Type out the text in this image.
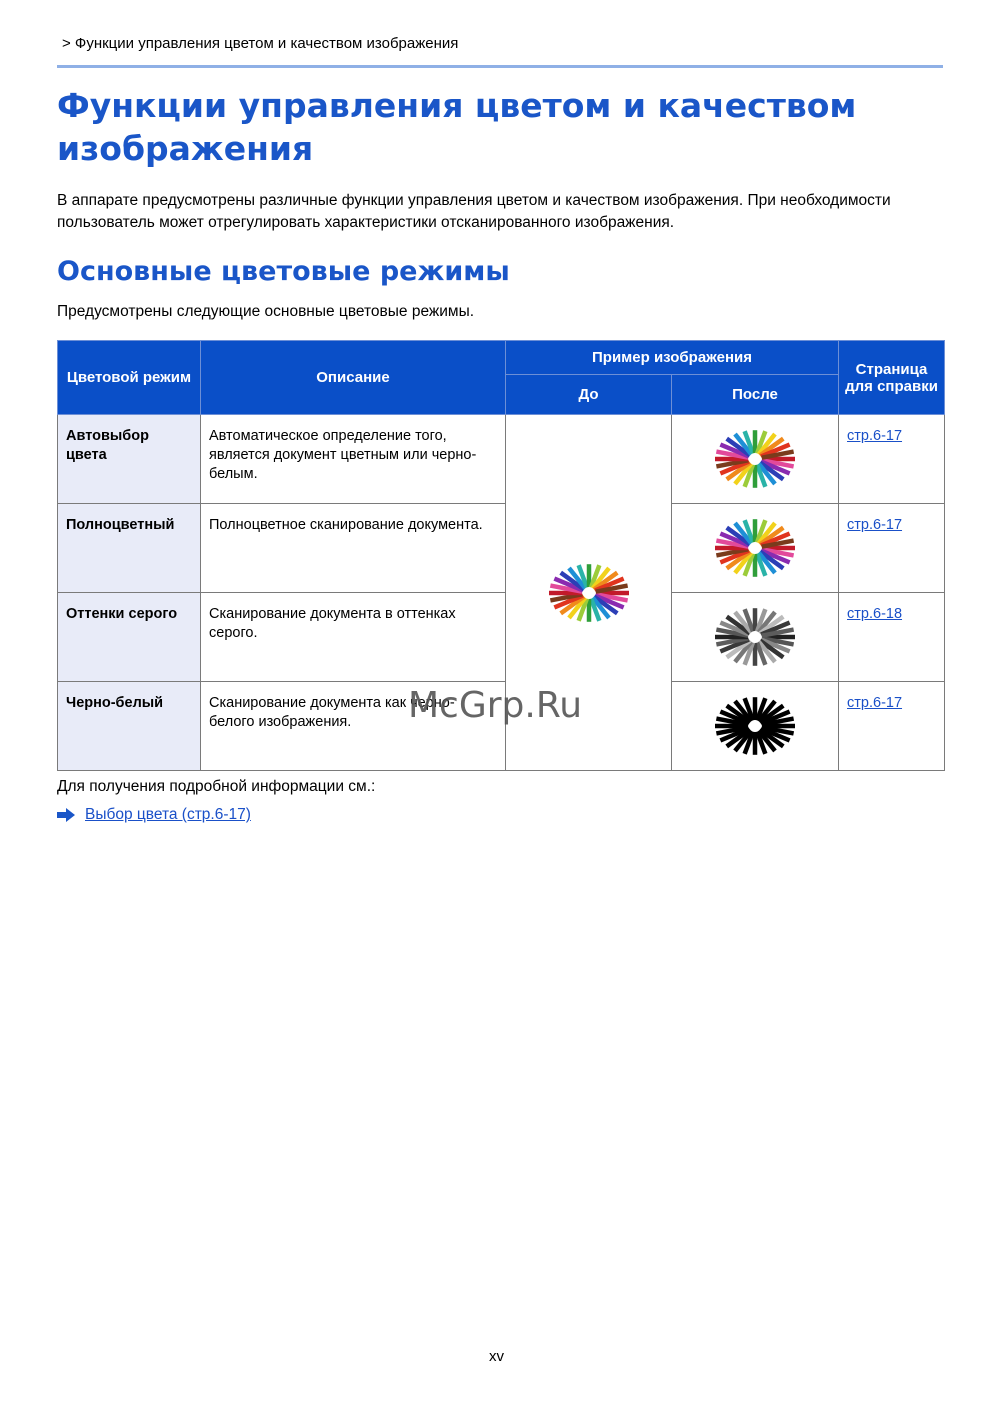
> Функции управления цветом и качеством изображения
Функции управления цветом и качеством изображения
В аппарате предусмотрены различные функции управления цветом и качеством изображения. При необходимости пользователь может отрегулировать характеристики отсканированного изображения.
Основные цветовые режимы
Предусмотрены следующие основные цветовые режимы.
Цветовой режим	Описание	Пример изображения		Страница для справки
		До	После	
Автовыбор цвета	Автоматическое определение того, является документ цветным или черно-белым.			стр.6-17
Полноцветный	Полноцветное сканирование документа.			стр.6-17
Оттенки серого	Сканирование документа в оттенках серого.			стр.6-18
Черно-белый	Сканирование документа как черно-белого изображения.			стр.6-17
McGrp.Ru
Для получения подробной информации см.:
Выбор цвета (стр.6-17)
xv
